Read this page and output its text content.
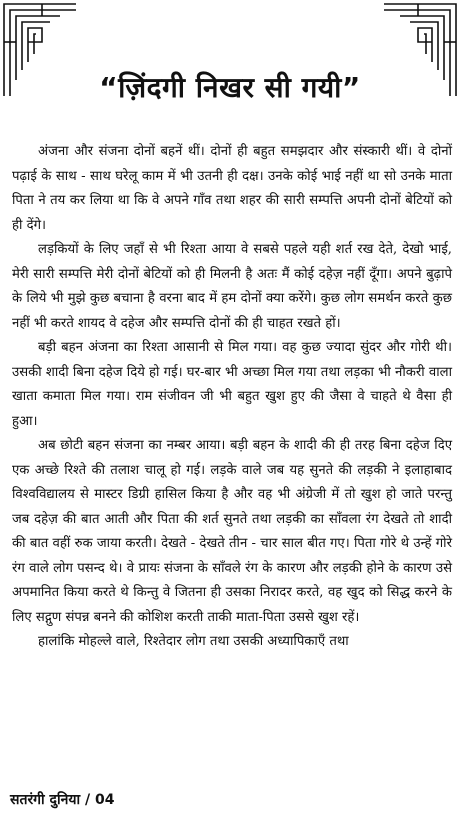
“ज़िंदगी निखर सी गयी”

अंजना और संजना दोनों बहनें थीं। दोनों ही बहुत समझदार और संस्कारी थीं। वे दोनों पढ़ाई के साथ - साथ घरेलू काम में भी उतनी ही दक्ष। उनके कोई भाई नहीं था सो उनके माता पिता ने तय कर लिया था कि वे अपने गाँव तथा शहर की सारी सम्पत्ति अपनी दोनों बेटियों को ही देंगे।

लड़कियों के लिए जहाँ से भी रिश्ता आया वे सबसे पहले यही शर्त रख देते, देखो भाई, मेरी सारी सम्पत्ति मेरी दोनों बेटियों को ही मिलनी है अतः मैं कोई दहेज़ नहीं दूँगा। अपने बुढ़ापे के लिये भी मुझे कुछ बचाना है वरना बाद में हम दोनों क्या करेंगे। कुछ लोग समर्थन करते कुछ नहीं भी करते शायद वे दहेज और सम्पत्ति दोनों की ही चाहत रखते हों।

बड़ी बहन अंजना का रिश्ता आसानी से मिल गया। वह कुछ ज्यादा सुंदर और गोरी थी। उसकी शादी बिना दहेज दिये हो गई। घर-बार भी अच्छा मिल गया तथा लड़का भी नौकरी वाला खाता कमाता मिल गया। राम संजीवन जी भी बहुत खुश हुए की जैसा वे चाहते थे वैसा ही हुआ।

अब छोटी बहन संजना का नम्बर आया। बड़ी बहन के शादी की ही तरह बिना दहेज दिए एक अच्छे रिश्ते की तलाश चालू हो गई। लड़के वाले जब यह सुनते की लड़की ने इलाहाबाद विश्वविद्यालय से मास्टर डिग्री हासिल किया है और वह भी अंग्रेजी में तो खुश हो जाते परन्तु जब दहेज़ की बात आती और पिता की शर्त सुनते तथा लड़की का साँवला रंग देखते तो शादी की बात वहीं रुक जाया करती। देखते - देखते तीन - चार साल बीत गए। पिता गोरे थे उन्हें गोरे रंग वाले लोग पसन्द थे। वे प्रायः संजना के साँवले रंग के कारण और लड़की होने के कारण उसे अपमानित किया करते थे किन्तु वे जितना ही उसका निरादर करते, वह खुद को सिद्ध करने के लिए सद्गुण संपन्न बनने की कोशिश करती ताकी माता-पिता उससे खुश रहें।

हालांकि मोहल्ले वाले, रिश्तेदार लोग तथा उसकी अध्यापिकाएँ तथा

सतरंगी दुनिया / 04
